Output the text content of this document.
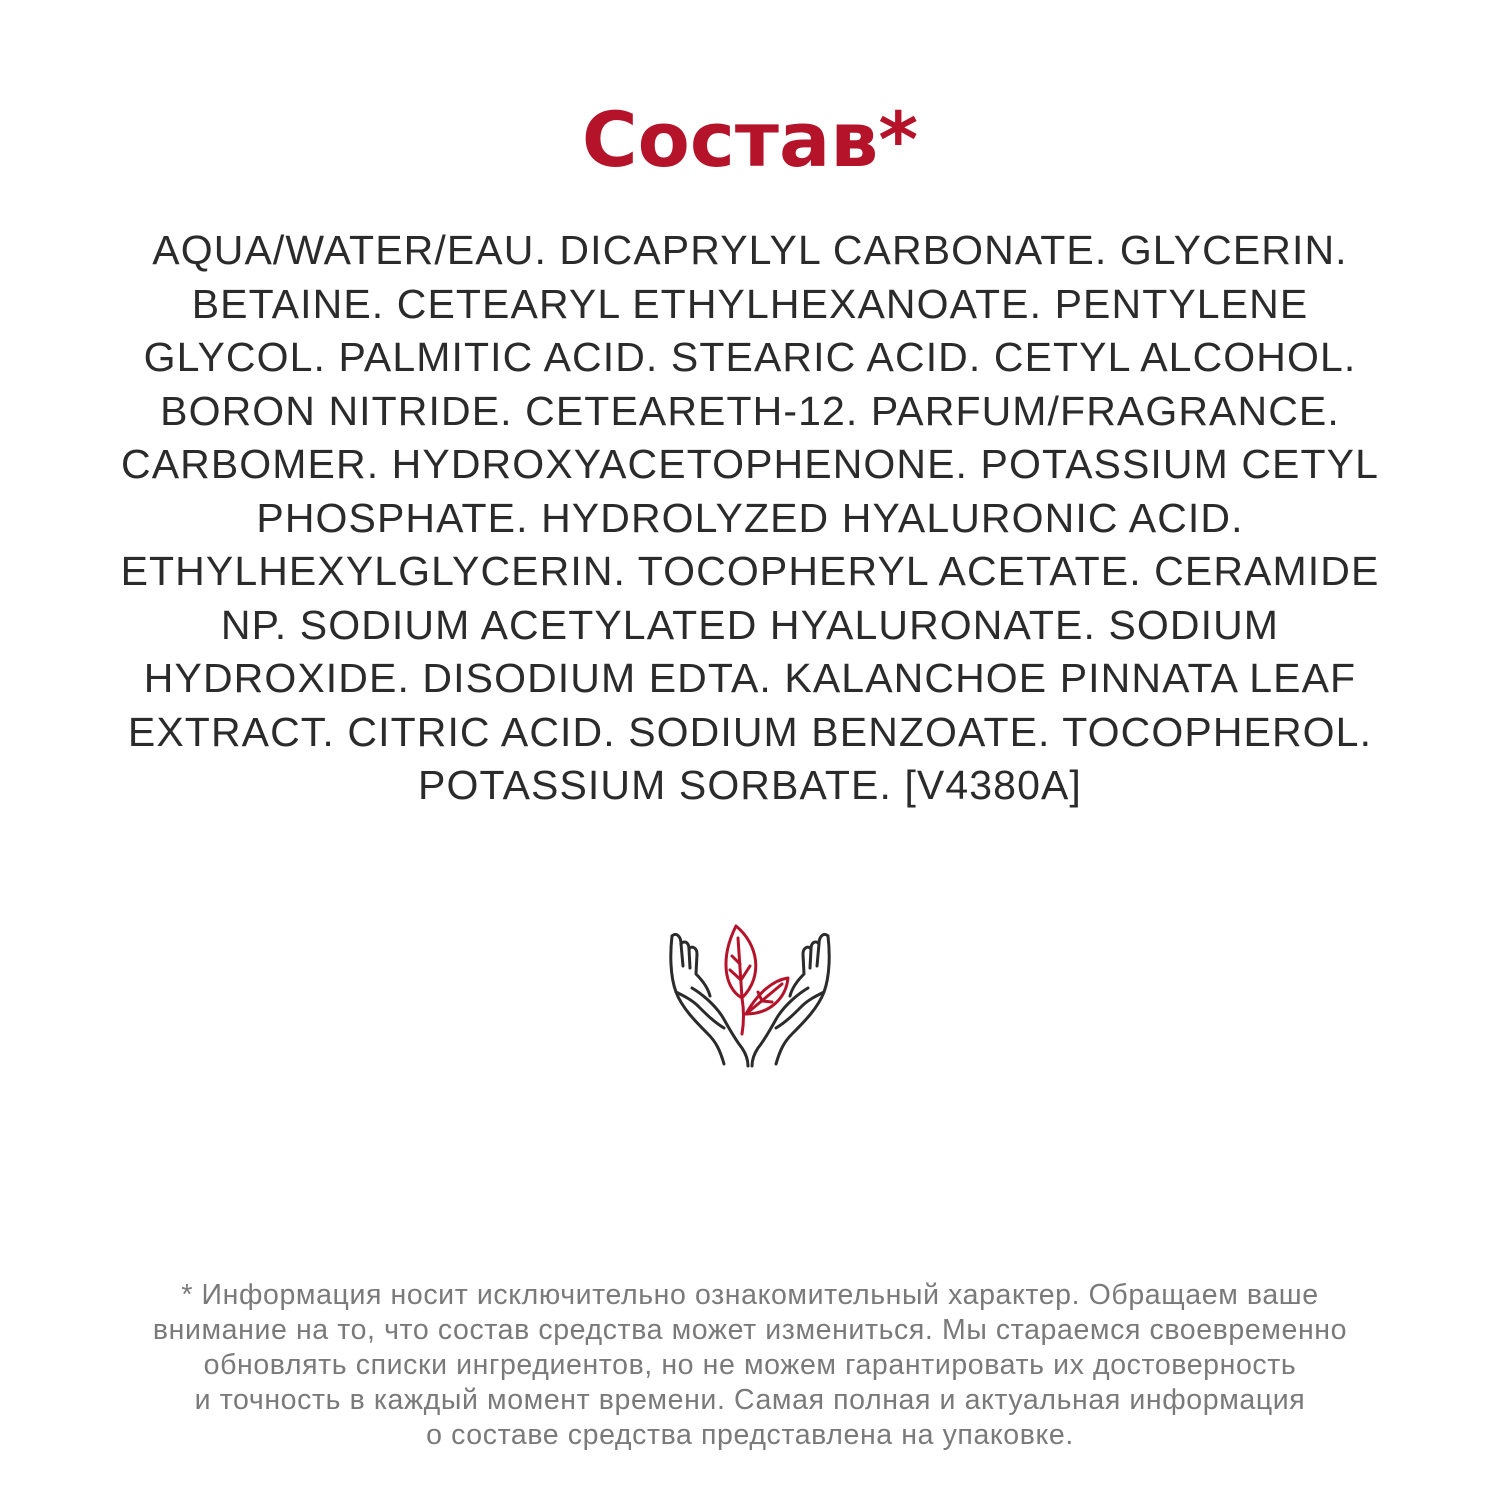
Состав*
AQUA/WATER/EAU. DICAPRYLYL CARBONATE. GLYCERIN.
BETAINE. CETEARYL ETHYLHEXANOATE. PENTYLENE
GLYCOL. PALMITIC ACID. STEARIC ACID. CETYL ALCOHOL.
BORON NITRIDE. CETEARETH-12. PARFUM/FRAGRANCE.
CARBOMER. HYDROXYACETOPHENONE. POTASSIUM CETYL
PHOSPHATE. HYDROLYZED HYALURONIC ACID.
ETHYLHEXYLGLYCERIN. TOCOPHERYL ACETATE. CERAMIDE
NP. SODIUM ACETYLATED HYALURONATE. SODIUM
HYDROXIDE. DISODIUM EDTA. KALANCHOE PINNATA LEAF
EXTRACT. CITRIC ACID. SODIUM BENZOATE. TOCOPHEROL.
POTASSIUM SORBATE. [V4380A]
* Информация носит исключительно ознакомительный характер. Обращаем ваше
внимание на то, что состав средства может измениться. Мы стараемся своевременно
обновлять списки ингредиентов, но не можем гарантировать их достоверность
и точность в каждый момент времени. Самая полная и актуальная информация
о составе средства представлена на упаковке.
